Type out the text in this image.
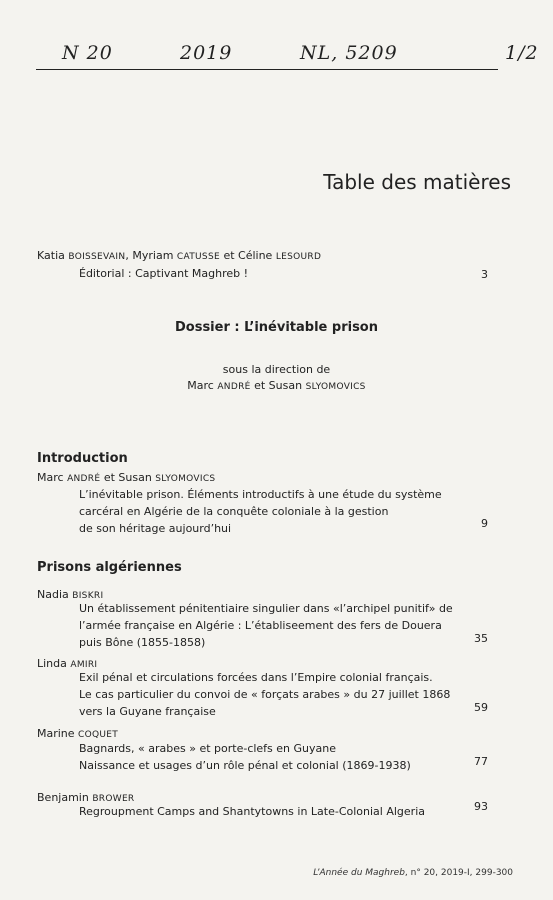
N 20	2019	NL, 5209	1/2
Table des matières
Katia BOISSEVAIN, Myriam CATUSSE et Céline LESOURD
Éditorial : Captivant Maghreb !	3
Dossier : L’inévitable prison
sous la direction de
Marc ANDRÉ et Susan SLYOMOVICS
Introduction
Marc ANDRÉ et Susan SLYOMOVICS
L’inévitable prison. Éléments introductifs à une étude du système
carcéral en Algérie de la conquête coloniale à la gestion
de son héritage aujourd’hui	9
Prisons algériennes
Nadia BISKRI
Un établissement pénitentiaire singulier dans «l’archipel punitif» de
l’armée française en Algérie : L’établiseement des fers de Douera
puis Bône (1855-1858)	35
Linda AMIRI
Exil pénal et circulations forcées dans l’Empire colonial français.
Le cas particulier du convoi de « forçats arabes » du 27 juillet 1868
vers la Guyane française	59
Marine COQUET
Bagnards, « arabes » et porte-clefs en Guyane
Naissance et usages d’un rôle pénal et colonial (1869-1938)	77
Benjamin BROWER
Regroupment Camps and Shantytowns in Late-Colonial Algeria	93
L’Année du Maghreb, n° 20, 2019-I, 299-300
